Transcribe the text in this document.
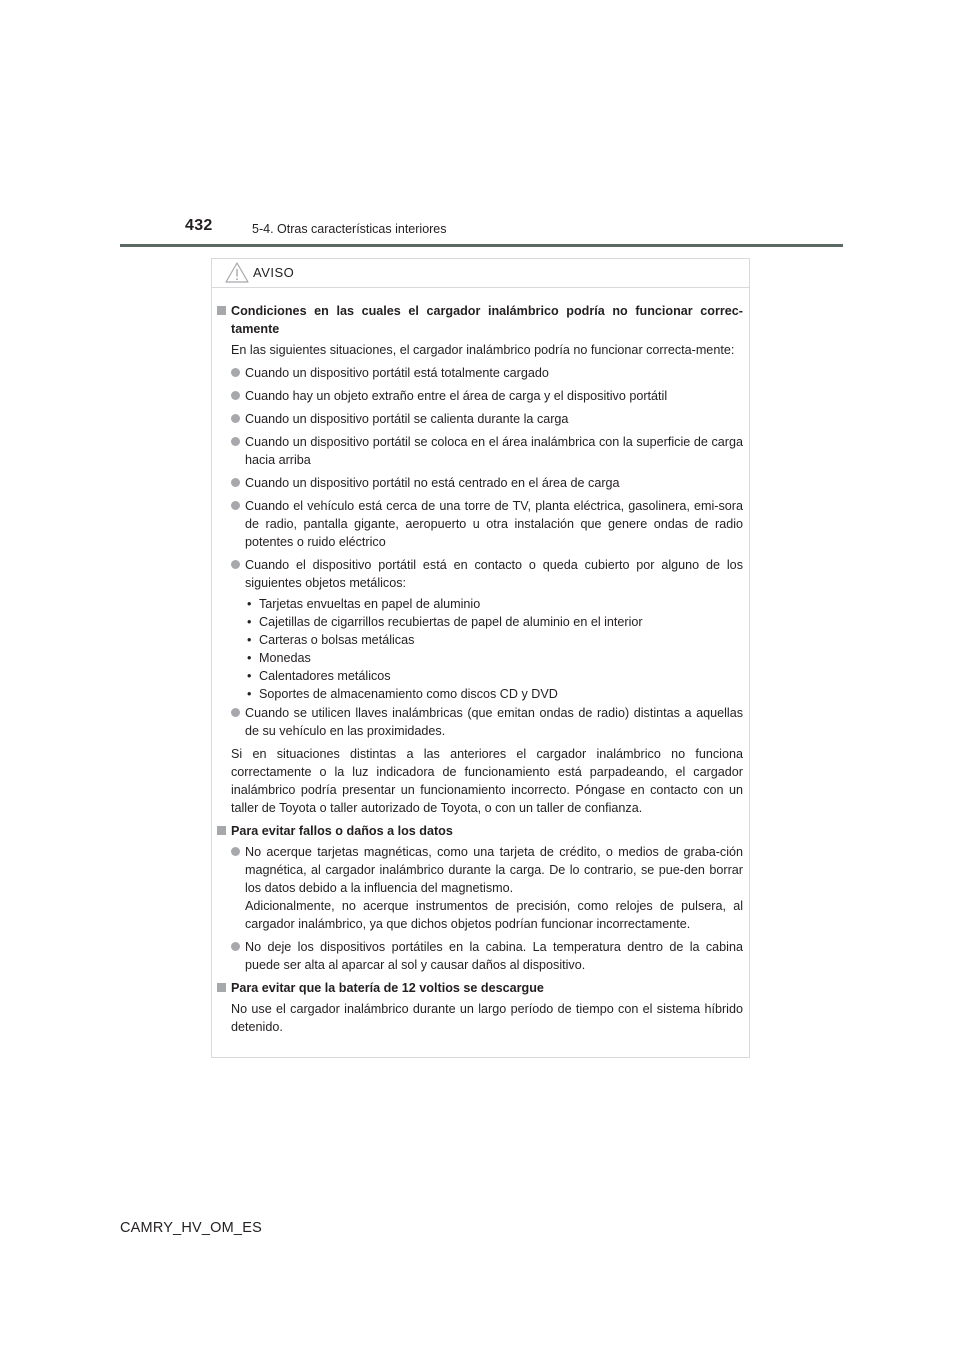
432	5-4. Otras características interiores
AVISO
Condiciones en las cuales el cargador inalámbrico podría no funcionar correc-tamente

En las siguientes situaciones, el cargador inalámbrico podría no funcionar correcta-mente:

Cuando un dispositivo portátil está totalmente cargado
Cuando hay un objeto extraño entre el área de carga y el dispositivo portátil
Cuando un dispositivo portátil se calienta durante la carga
Cuando un dispositivo portátil se coloca en el área inalámbrica con la superficie de carga hacia arriba
Cuando un dispositivo portátil no está centrado en el área de carga
Cuando el vehículo está cerca de una torre de TV, planta eléctrica, gasolinera, emi-sora de radio, pantalla gigante, aeropuerto u otra instalación que genere ondas de radio potentes o ruido eléctrico
Cuando el dispositivo portátil está en contacto o queda cubierto por alguno de los siguientes objetos metálicos:
• Tarjetas envueltas en papel de aluminio
• Cajetillas de cigarrillos recubiertas de papel de aluminio en el interior
• Carteras o bolsas metálicas
• Monedas
• Calentadores metálicos
• Soportes de almacenamiento como discos CD y DVD
Cuando se utilicen llaves inalámbricas (que emitan ondas de radio) distintas a aquellas de su vehículo en las proximidades.

Si en situaciones distintas a las anteriores el cargador inalámbrico no funciona correctamente o la luz indicadora de funcionamiento está parpadeando, el cargador inalámbrico podría presentar un funcionamiento incorrecto. Póngase en contacto con un taller de Toyota o taller autorizado de Toyota, o con un taller de confianza.

Para evitar fallos o daños a los datos
No acerque tarjetas magnéticas, como una tarjeta de crédito, o medios de graba-ción magnética, al cargador inalámbrico durante la carga. De lo contrario, se pue-den borrar los datos debido a la influencia del magnetismo.
Adicionalmente, no acerque instrumentos de precisión, como relojes de pulsera, al cargador inalámbrico, ya que dichos objetos podrían funcionar incorrectamente.
No deje los dispositivos portátiles en la cabina. La temperatura dentro de la cabina puede ser alta al aparcar al sol y causar daños al dispositivo.
Para evitar que la batería de 12 voltios se descargue

No use el cargador inalámbrico durante un largo período de tiempo con el sistema híbrido detenido.

CAMRY_HV_OM_ES
